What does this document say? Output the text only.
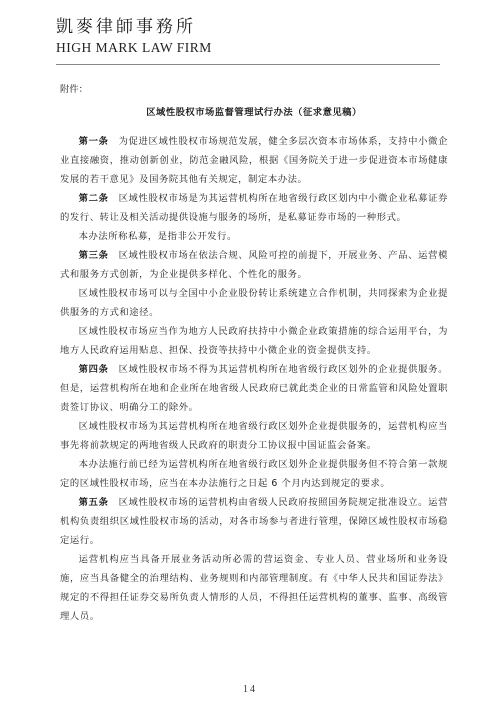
凱麥律師事務所
HIGH MARK LAW FIRM
附件：
区域性股权市场监督管理试行办法（征求意见稿）

第一条　 为促进区域性股权市场规范发展，健全多层次资本市场体系，支持中小微企业直接融资，推动创新创业，防范金融风险，根据《国务院关于进一步促进资本市场健康发展的若干意见》及国务院其他有关规定，制定本办法。

第二条　 区域性股权市场是为其运营机构所在地省级行政区划内中小微企业私募证券的发行、转让及相关活动提供设施与服务的场所，是私募证券市场的一种形式。

本办法所称私募，是指非公开发行。

第三条　 区域性股权市场在依法合规、风险可控的前提下，开展业务、产品、运营模式和服务方式创新，为企业提供多样化、个性化的服务。

区域性股权市场可以与全国中小企业股份转让系统建立合作机制，共同探索为企业提供服务的方式和途径。

区域性股权市场应当作为地方人民政府扶持中小微企业政策措施的综合运用平台，为地方人民政府运用贴息、担保、投资等扶持中小微企业的资金提供支持。

第四条　 区域性股权市场不得为其运营机构所在地省级行政区划外的企业提供服务。但是，运营机构所在地和企业所在地省级人民政府已就此类企业的日常监管和风险处置职责签订协议、明确分工的除外。

区域性股权市场为其运营机构所在地省级行政区划外企业提供服务的，运营机构应当事先将前款规定的两地省级人民政府的职责分工协议报中国证监会备案。

本办法施行前已经为运营机构所在地省级行政区划外企业提供服务但不符合第一款规定的区域性股权市场，应当在本办法施行之日起 6 个月内达到规定的要求。

第五条　 区域性股权市场的运营机构由省级人民政府按照国务院规定批准设立。运营机构负责组织区域性股权市场的活动，对各市场参与者进行管理，保障区域性股权市场稳定运行。

运营机构应当具备开展业务活动所必需的营运资金、专业人员、营业场所和业务设施，应当具备健全的治理结构、业务规则和内部管理制度。有《中华人民共和国证券法》规定的不得担任证券交易所负责人情形的人员，不得担任运营机构的董事、监事、高级管理人员。

14
